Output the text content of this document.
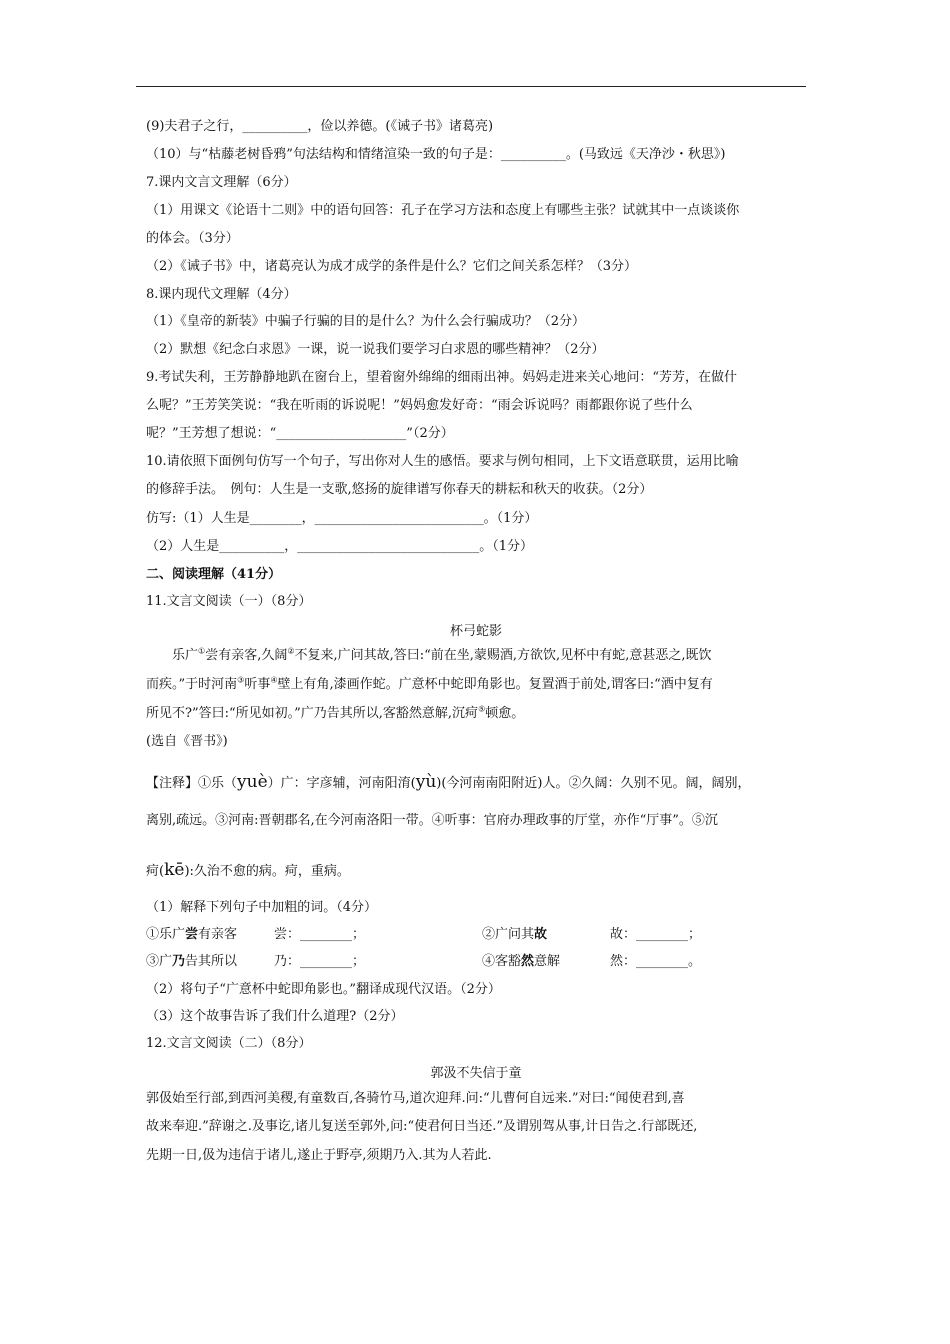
(9)夫君子之行，__________，俭以养德。(《诫子书》诸葛亮)
（10）与“枯藤老树昏鸦”句法结构和情绪渲染一致的句子是：__________。(马致远《天净沙・秋思》)
7.课内文言文理解（6分）
（1）用课文《论语十二则》中的语句回答：孔子在学习方法和态度上有哪些主张？试就其中一点谈谈你
的体会。（3分）
（2）《诫子书》中，诸葛亮认为成才成学的条件是什么？它们之间关系怎样？（3分）
8.课内现代文理解（4分）
（1）《皇帝的新装》中骗子行骗的目的是什么？为什么会行骗成功？（2分）
（2）默想《纪念白求恩》一课，说一说我们要学习白求恩的哪些精神？（2分）
9.考试失利，王芳静静地趴在窗台上，望着窗外绵绵的细雨出神。妈妈走进来关心地问：“芳芳，在做什
么呢？”王芳笑笑说：“我在听雨的诉说呢！”妈妈愈发好奇：“雨会诉说吗？雨都跟你说了些什么
呢？”王芳想了想说：“____________________”（2分）
10.请依照下面例句仿写一个句子，写出你对人生的感悟。要求与例句相同，上下文语意联贯，运用比喻
的修辞手法。　例句：人生是一支歌,悠扬的旋律谱写你春天的耕耘和秋天的收获。（2分）
仿写:（1）人生是________，__________________________。（1分）
（2）人生是__________，____________________________。（1分）
二、阅读理解（41分）
11.文言文阅读（一）（8分）
杯弓蛇影
乐广①尝有亲客,久阔②不复来,广问其故,答曰:“前在坐,蒙赐酒,方欲饮,见杯中有蛇,意甚恶之,既饮
而疾。”于时河南③听事④壁上有角,漆画作蛇。广意杯中蛇即角影也。复置酒于前处,谓客曰:“酒中复有
所见不?”答曰:“所见如初。”广乃告其所以,客豁然意解,沉疴⑤顿愈。
(选自《晋书》)
【注释】①乐（yuè）广：字彦辅，河南阳淯(yù)(今河南南阳附近)人。②久阔：久别不见。阔，阔别，
离别,疏远。③河南:晋朝郡名,在今河南洛阳一带。④听事：官府办理政事的厅堂，亦作“厅事”。⑤沉
疴(kē):久治不愈的病。疴，重病。
（1）解释下列句子中加粗的词。（4分）
①乐广尝有亲客	尝：________；	②广问其故	故：________；
③广乃告其所以	乃：________；	④客豁然意解	然：________。
（2）将句子“广意杯中蛇即角影也。”翻译成现代汉语。（2分）
（3）这个故事告诉了我们什么道理?（2分）
12.文言文阅读（二）（8分）
郭汲不失信于童
郭伋始至行部,到西河美稷,有童数百,各骑竹马,道次迎拜.问:“儿曹何自远来.”对曰:“闻使君到,喜
故来奉迎.”辞谢之.及事讫,诸儿复送至郭外,问:“使君何日当还.”及谓别驾从事,计日告之.行部既还,
先期一日,伋为违信于诸儿,遂止于野亭,须期乃入.其为人若此.
